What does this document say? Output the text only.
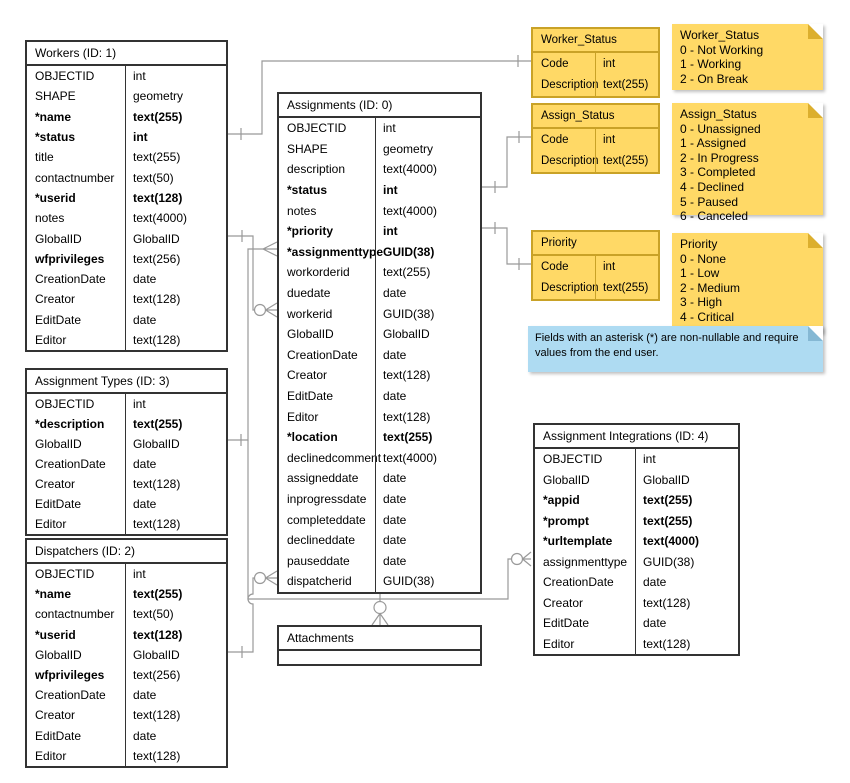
Workers (ID: 1)
OBJECTID	int
SHAPE	geometry
*name	text(255)
*status	int
title	text(255)
contactnumber	text(50)
*userid	text(128)
notes	text(4000)
GlobalID	GlobalID
wfprivileges	text(256)
CreationDate	date
Creator	text(128)
EditDate	date
Editor	text(128)
Assignment Types (ID: 3)
OBJECTID	int
*description	text(255)
GlobalID	GlobalID
CreationDate	date
Creator	text(128)
EditDate	date
Editor	text(128)
Dispatchers (ID: 2)
OBJECTID	int
*name	text(255)
contactnumber	text(50)
*userid	text(128)
GlobalID	GlobalID
wfprivileges	text(256)
CreationDate	date
Creator	text(128)
EditDate	date
Editor	text(128)
Assignments (ID: 0)
OBJECTID	int
SHAPE	geometry
description	text(4000)
*status	int
notes	text(4000)
*priority	int
*assignmenttype GUID(38)
workorderid	text(255)
duedate	date
workerid	GUID(38)
GlobalID	GlobalID
CreationDate	date
Creator	text(128)
EditDate	date
Editor	text(128)
*location	text(255)
declinedcomment text(4000)
assigneddate	date
inprogressdate	date
completeddate	date
declineddate	date
pauseddate	date
dispatcherid	GUID(38)
Assignment Integrations (ID: 4)
OBJECTID	int
GlobalID	GlobalID
*appid	text(255)
*prompt	text(255)
*urltemplate	text(4000)
assignmenttype	GUID(38)
CreationDate	date
Creator	text(128)
EditDate	date
Editor	text(128)
Attachments
Worker_Status
Code	int
Description text(255)
Assign_Status
Code	int
Description text(255)
Priority
Code	int
Description text(255)
Worker_Status
0 - Not Working
1 - Working
2 - On Break
Assign_Status
0 - Unassigned
1 - Assigned
2 - In Progress
3 - Completed
4 - Declined
5 - Paused
6 - Canceled
Priority
0 - None
1 - Low
2 - Medium
3 - High
4 - Critical
Fields with an asterisk (*) are non-nullable and require
values from the end user.
